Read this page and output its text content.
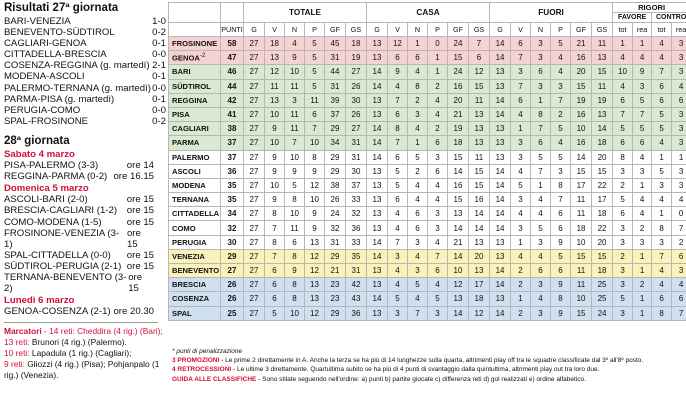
Risultati 27ª giornata
BARI-VENEZIA	1-0
BENEVENTO-SÜDTIROL	0-2
CAGLIARI-GENOA	0-1
CITTADELLA-BRESCIA	0-0
COSENZA-REGGINA (g. martedì) 2-1
MODENA-ASCOLI	0-1
PALERMO-TERNANA (g. martedì) 0-0
PARMA-PISA (g. martedì)	0-1
PERUGIA-COMO	0-0
SPAL-FROSINONE	0-2
28ª giornata
Sabato 4 marzo
PISA-PALERMO (3-3)	ore 14
REGGINA-PARMA (0-2) ore 16.15
Domenica 5 marzo
ASCOLI-BARI (2-0)	ore 15
BRESCIA-CAGLIARI (1-2) ore 15
COMO-MODENA (1-5)	ore 15
FROSINONE-VENEZIA (3-1)
ore 15
SPAL-CITTADELLA (0-0) ore 15
SÜDTIROL-PERUGIA (2-1) ore 15
TERNANA-BENEVENTO (3-2)
ore 15
Lunedì 6 marzo
GENOA-COSENZA (2-1) ore 20.30
Marcatori - 14 reti: Cheddira (4 rig.) (Bari);
13 reti: Brunori (4 rig.) (Palermo).
10 reti: Lapadula (1 rig.) (Cagliari);
9 reti: Gliozzi (4 rig.) (Pisa); Pohjanpalo (1 rig.) (Venezia).
		TOTALE						CASA						FUORI						RIGORI
FAVORE CONTRO			

	PUNTI	G	V	N	P	GF	GS	G	V	N	P	GF	GS	G	V	N	P	GF	GS	tot	rea	tot	rea
FROSINONE	58	27	18	4	5	45	18	13	12	1	0	24	7	14	6	3	5	21	11	1	1	4	3
$GENOA^{-2}$	47	27	13	9	5	31	19	13	6	6	1	15	6	14	7	3	4	16	13	4	4	4	3
BARI	46	27	12	10	5	44	27	14	9	4	1	24	12	13	3	6	4	20	15	10	9	7	3
SÜDTIROL	44	27	11	11	5	31	26	14	4	8	2	16	15	13	7	3	3	15	11	4	3	6	4
REGGINA	42	27	13	3	11	39	30	13	7	2	4	20	11	14	6	1	7	19	19	6	5	6	6
PISA	41	27	10	11	6	37	26	13	6	3	4	21	13	14	4	8	2	16	13	7	7	5	3
CAGLIARI	38	27	9	11	7	29	27	14	8	4	2	19	13	13	1	7	5	10	14	5	5	5	3
PARMA	37	27	10	7	10	34	31	14	7	1	6	18	13	13	3	6	4	16	18	6	6	4	3
PALERMO	37	27	9	10	8	29	31	14	6	5	3	15	11	13	3	5	5	14	20	8	4	1	1
ASCOLI	36	27	9	9	9	29	30	13	5	2	6	14	15	14	4	7	3	15	15	3	3	5	3
MODENA	35	27	10	5	12	38	37	13	5	4	4	16	15	14	5	1	8	17	22	2	1	3	3
TERNANA	35	27	9	8	10	26	33	13	6	4	4	15	16	14	3	4	7	11	17	5	4	4	4
CITTADELLA	34	27	8	10	9	24	32	13	4	6	3	13	14	14	4	4	6	11	18	6	4	1	0
COMO	32	27	7	11	9	32	36	13	4	6	3	14	14	14	3	5	6	18	22	3	2	8	7
PERUGIA	30	27	8	6	13	31	33	14	7	3	4	21	13	13	1	3	9	10	20	3	3	3	2
VENEZIA	29	27	7	8	12	29	35	14	3	4	7	14	20	13	4	4	5	15	15	2	1	7	6
BENEVENTO	27	27	6	9	12	21	31	13	4	3	6	10	13	14	2	6	6	11	18	3	1	4	3
BRESCIA	26	27	6	8	13	23	42	13	4	5	4	12	17	14	2	3	9	11	25	3	2	4	4
COSENZA	26	27	6	8	13	23	43	14	5	4	5	13	18	13	1	4	8	10	25	5	1	6	6
SPAL	25	27	5	10	12	29	36	13	3	7	3	14	12	14	2	3	9	15	24	3	1	8	7
* punti di penalizzazione
3 PROMOZIONI - Le prime 2 direttamente in A. Anche la terza se ha più di 14 lunghezze sulla quarta, altrimenti play off tra le squadre classificate dal 3º all'8º posto.
4 RETROCESSIONI - Le ultime 3 direttamente. Quartultima subito se ha più di 4 punti di svantaggio dalla quintultima, altrimenti play out tra loro due.
GUIDA ALLE CLASSIFICHE - Sono stilate seguendo nell'ordine: a) punti b) partite giocate c) differenza reti d) gol realizzati e) ordine alfabetico.
